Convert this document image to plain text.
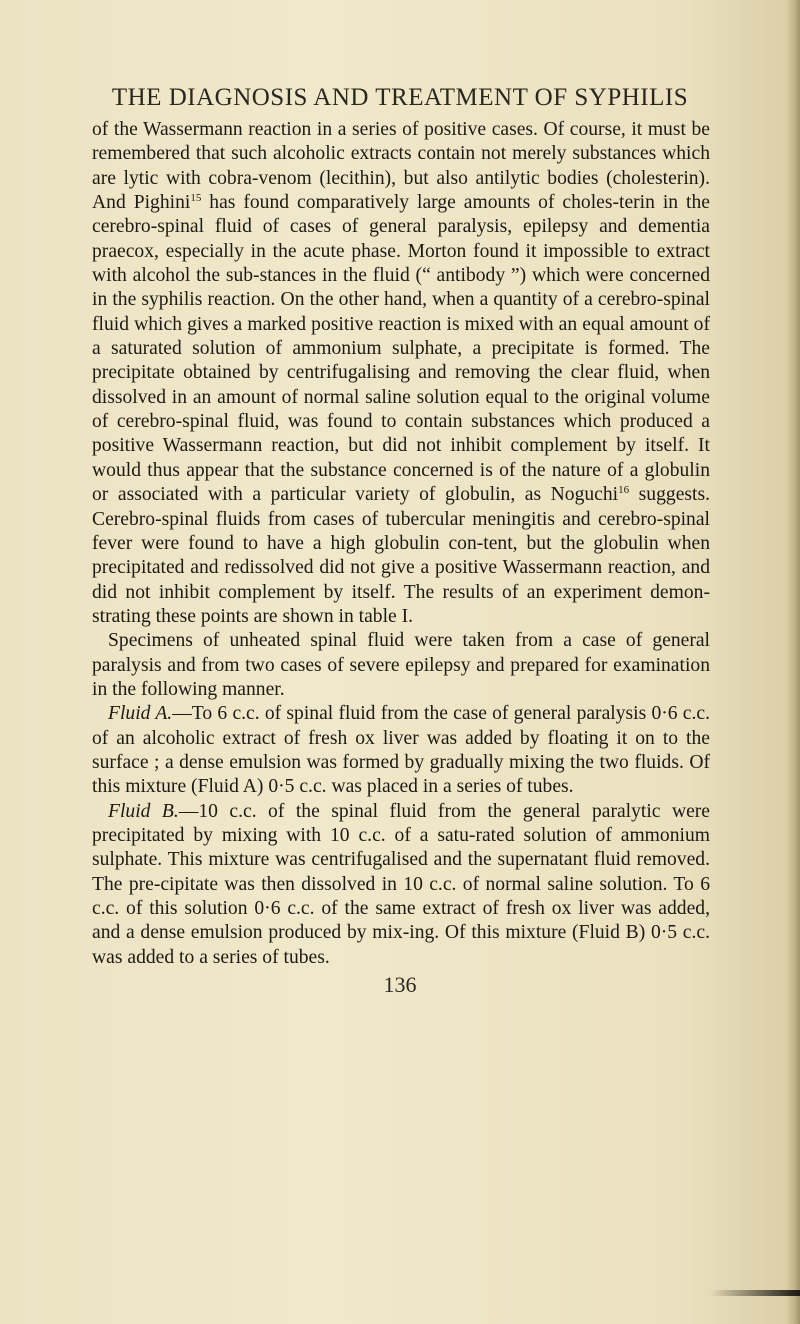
THE DIAGNOSIS AND TREATMENT OF SYPHILIS

of the Wassermann reaction in a series of positive cases. Of course, it must be remembered that such alcoholic extracts contain not merely substances which are lytic with cobra-venom (lecithin), but also antilytic bodies (cholesterin). And Pighini$^{15}$ has found comparatively large amounts of choles-terin in the cerebro-spinal fluid of cases of general paralysis, epilepsy and dementia praecox, especially in the acute phase. Morton found it impossible to extract with alcohol the sub-stances in the fluid (“ antibody ”) which were concerned in the syphilis reaction. On the other hand, when a quantity of a cerebro-spinal fluid which gives a marked positive reaction is mixed with an equal amount of a saturated solution of ammonium sulphate, a precipitate is formed. The precipitate obtained by centrifugalising and removing the clear fluid, when dissolved in an amount of normal saline solution equal to the original volume of cerebro-spinal fluid, was found to contain substances which produced a positive Wassermann reaction, but did not inhibit complement by itself. It would thus appear that the substance concerned is of the nature of a globulin or associated with a particular variety of globulin, as Noguchi$^{16}$ suggests. Cerebro-spinal fluids from cases of tubercular meningitis and cerebro-spinal fever were found to have a high globulin con-tent, but the globulin when precipitated and redissolved did not give a positive Wassermann reaction, and did not inhibit complement by itself. The results of an experiment demon-strating these points are shown in table I.

Specimens of unheated spinal fluid were taken from a case of general paralysis and from two cases of severe epilepsy and prepared for examination in the following manner.

Fluid A.—To 6 c.c. of spinal fluid from the case of general paralysis 0·6 c.c. of an alcoholic extract of fresh ox liver was added by floating it on to the surface ; a dense emulsion was formed by gradually mixing the two fluids. Of this mixture (Fluid A) 0·5 c.c. was placed in a series of tubes.

Fluid B.—10 c.c. of the spinal fluid from the general paralytic were precipitated by mixing with 10 c.c. of a satu-rated solution of ammonium sulphate. This mixture was centrifugalised and the supernatant fluid removed. The pre-cipitate was then dissolved in 10 c.c. of normal saline solution. To 6 c.c. of this solution 0·6 c.c. of the same extract of fresh ox liver was added, and a dense emulsion produced by mix-ing. Of this mixture (Fluid B) 0·5 c.c. was added to a series of tubes.

136
